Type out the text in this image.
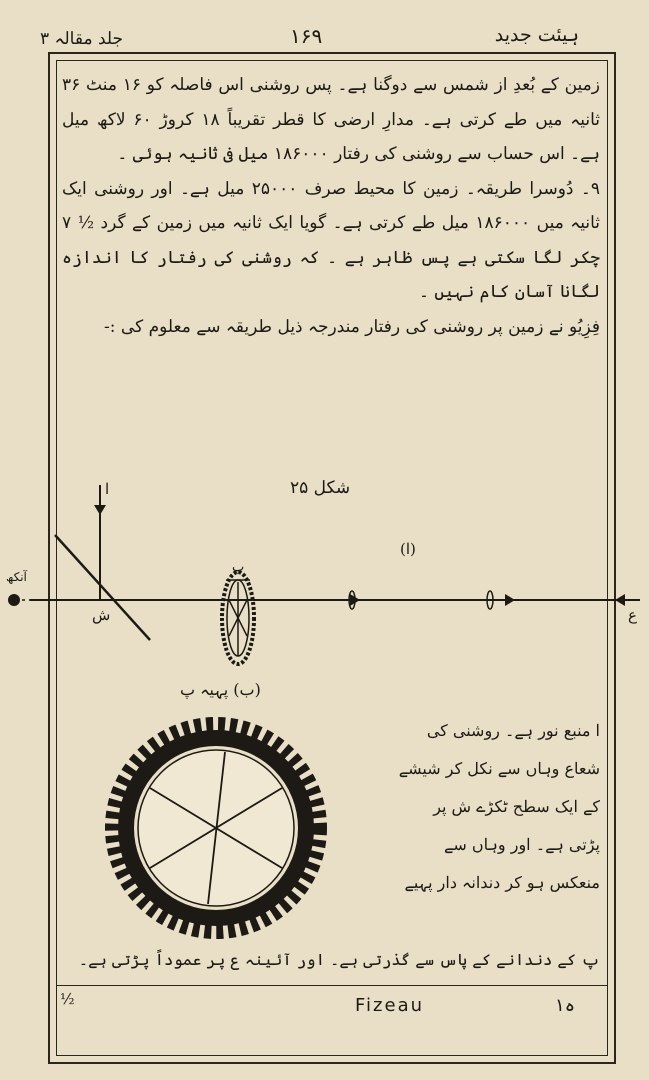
جلد مقالہ ۳	۱۶۹	ہیئت جدید

زمین کے بُعدِ از شمس سے دوگنا ہے۔ پس روشنی اس فاصلہ کو ۱۶ منٹ ۳۶ ثانیہ میں طے کرتی ہے۔ مدارِ ارضی کا قطر تقریباً ۱۸ کروڑ ۶۰ لاکھ میل ہے۔ اس حساب سے روشنی کی رفتار ۱۸۶۰۰۰ میل فی ثانیہ ہوئی ۔

۹۔ دُوسرا طریقہ۔ زمین کا محیط صرف ۲۵۰۰۰ میل ہے۔ اور روشنی ایک ثانیہ میں ۱۸۶۰۰۰ میل طے کرتی ہے۔ گویا ایک ثانیہ میں زمین کے گرد ½ ۷ چکر لگا سکتی ہے پس ظاہر ہے ۔ کہ روشنی کی رفتار کا اندازہ لگانا آسان کام نہیں ۔

فِزِیُو نے زمین پر روشنی کی رفتار مندرجہ ذیل طریقہ سے معلوم کی :-

شکل ۲۵
ا
(ا)
آنکھ
ش	ع
پ
(ب) پہیہ پ

ا منبع نور ہے۔ روشنی کی

شعاع وہاں سے نکل کر شیشے

کے ایک سطح ٹکڑے ش پر

پڑتی ہے۔ اور وہاں سے

منعکس ہو کر دندانہ دار پہیے

پ کے دندانے کے پاس سے گذرتی ہے۔ اور آئینہ ع پر عموداً پڑتی ہے۔
½	Fizeau	۱ہ
